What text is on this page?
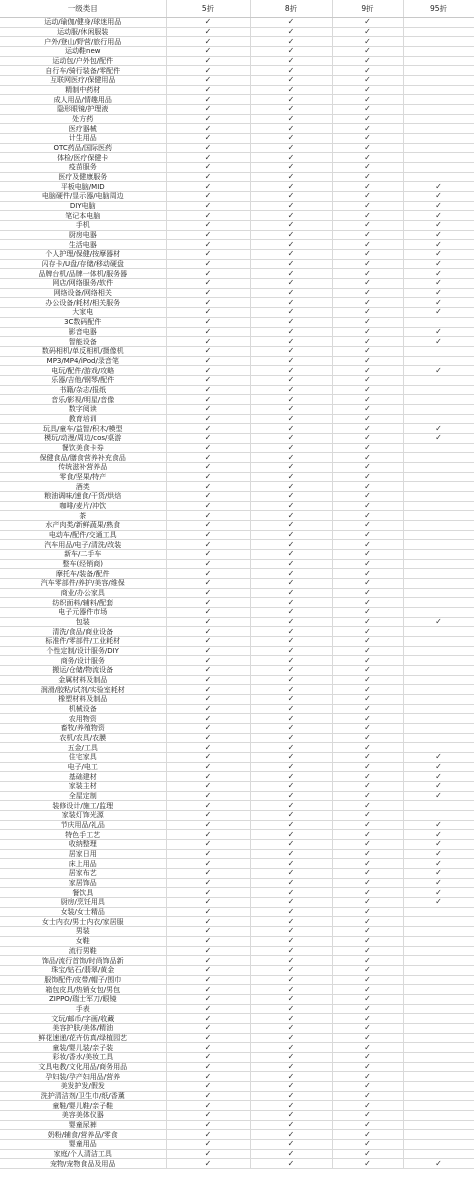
一级类目	5折	8折	9折	95折
运动/瑜伽/健身/球迷用品	✓	✓	✓	
运动服/休闲服装	✓	✓	✓	
户外/登山/野营/旅行用品	✓	✓	✓	
运动鞋new	✓	✓	✓	
运动包/户外包/配件	✓	✓	✓	
自行车/骑行装备/零配件	✓	✓	✓	
互联网医疗/保健用品	✓	✓	✓	
精制中药材	✓	✓	✓	
成人用品/情趣用品	✓	✓	✓	
隐形眼镜/护理液	✓	✓	✓	
处方药	✓	✓	✓	
医疗器械	✓	✓	✓	
计生用品	✓	✓	✓	
OTC药品/国际医药	✓	✓	✓	
体检/医疗保健卡	✓	✓	✓	
疫苗服务	✓	✓	✓	
医疗及健康服务	✓	✓	✓	
平板电脑/MID	✓	✓	✓	✓
电脑硬件/显示器/电脑周边	✓	✓	✓	✓
DIY电脑	✓	✓	✓	✓
笔记本电脑	✓	✓	✓	✓
手机	✓	✓	✓	✓
厨房电器	✓	✓	✓	✓
生活电器	✓	✓	✓	✓
个人护理/保健/按摩器材	✓	✓	✓	✓
闪存卡/U盘/存储/移动硬盘	✓	✓	✓	✓
品牌台机/品牌一体机/服务器	✓	✓	✓	✓
网店/网络服务/软件	✓	✓	✓	✓
网络设备/网络相关	✓	✓	✓	✓
办公设备/耗材/相关服务	✓	✓	✓	✓
大家电	✓	✓	✓	✓
3C数码配件	✓	✓	✓	
影音电器	✓	✓	✓	✓
智能设备	✓	✓	✓	✓
数码相机/单反相机/摄像机	✓	✓	✓	
MP3/MP4/iPod/录音笔	✓	✓	✓	
电玩/配件/游戏/攻略	✓	✓	✓	✓
乐器/吉他/钢琴/配件	✓	✓	✓	
书籍/杂志/报纸	✓	✓	✓	
音乐/影视/明星/音像	✓	✓	✓	
数字阅读	✓	✓	✓	
教育培训	✓	✓	✓	
玩具/童车/益智/积木/模型	✓	✓	✓	✓
模玩/动漫/周边/cos/桌游	✓	✓	✓	✓
餐饮美食卡券	✓	✓	✓	
保健食品/膳食营养补充食品	✓	✓	✓	
传统滋补营养品	✓	✓	✓	
零食/坚果/特产	✓	✓	✓	
酒类	✓	✓	✓	
粮油调味/速食/干货/烘焙	✓	✓	✓	
咖啡/麦片/冲饮	✓	✓	✓	
茶	✓	✓	✓	
水产肉类/新鲜蔬果/熟食	✓	✓	✓	
电动车/配件/交通工具	✓	✓	✓	
汽车用品/电子/清洗/改装	✓	✓	✓	
新车/二手车	✓	✓	✓	
整车(经销商)	✓	✓	✓	
摩托车/装备/配件	✓	✓	✓	
汽车零部件/养护/美容/维保	✓	✓	✓	
商业/办公家具	✓	✓	✓	
纺织面料/辅料/配套	✓	✓	✓	
电子元器件市场	✓	✓	✓	
包装	✓	✓	✓	✓
清洗/食品/商业设备	✓	✓	✓	
标准件/零部件/工业耗材	✓	✓	✓	
个性定制/设计服务/DIY	✓	✓	✓	
商务/设计服务	✓	✓	✓	
搬运/仓储/物流设备	✓	✓	✓	
金属材料及制品	✓	✓	✓	
润滑/胶粘/试剂/实验室耗材	✓	✓	✓	
橡塑材料及制品	✓	✓	✓	
机械设备	✓	✓	✓	
农用物资	✓	✓	✓	
畜牧/养殖物资	✓	✓	✓	
农机/农具/农膜	✓	✓	✓	
五金/工具	✓	✓	✓	
住宅家具	✓	✓	✓	✓
电子/电工	✓	✓	✓	✓
基础建材	✓	✓	✓	✓
家装主材	✓	✓	✓	✓
全屋定制	✓	✓	✓	✓
装修设计/施工/监理	✓	✓	✓	
家装灯饰光源	✓	✓	✓	
节庆用品/礼品	✓	✓	✓	✓
特色手工艺	✓	✓	✓	✓
收纳整理	✓	✓	✓	✓
居家日用	✓	✓	✓	✓
床上用品	✓	✓	✓	✓
居家布艺	✓	✓	✓	✓
家居饰品	✓	✓	✓	✓
餐饮具	✓	✓	✓	✓
厨房/烹饪用具	✓	✓	✓	✓
女装/女士精品	✓	✓	✓	
女士内衣/男士内衣/家居服	✓	✓	✓	
男装	✓	✓	✓	
女鞋	✓	✓	✓	
流行男鞋	✓	✓	✓	
饰品/流行首饰/时尚饰品新	✓	✓	✓	
珠宝/钻石/翡翠/黄金	✓	✓	✓	
服饰配件/皮带/帽子/围巾	✓	✓	✓	
箱包皮具/热销女包/男包	✓	✓	✓	
ZIPPO/瑞士军刀/眼镜	✓	✓	✓	
手表	✓	✓	✓	
文玩/邮币/字画/收藏	✓	✓	✓	
美容护肤/美体/精油	✓	✓	✓	
鲜花速递/花卉仿真/绿植园艺	✓	✓	✓	
童装/婴儿装/亲子装	✓	✓	✓	
彩妆/香水/美妆工具	✓	✓	✓	
文具电教/文化用品/商务用品	✓	✓	✓	
孕妇装/孕产妇用品/营养	✓	✓	✓	
美发护发/假发	✓	✓	✓	
洗护清洁剂/卫生巾/纸/香薰	✓	✓	✓	
童鞋/婴儿鞋/亲子鞋	✓	✓	✓	
美容美体仪器	✓	✓	✓	
婴童尿裤	✓	✓	✓	
奶粉/辅食/营养品/零食	✓	✓	✓	
婴童用品	✓	✓	✓	
家庭/个人清洁工具	✓	✓	✓	
宠物/宠物食品及用品	✓	✓	✓	✓
